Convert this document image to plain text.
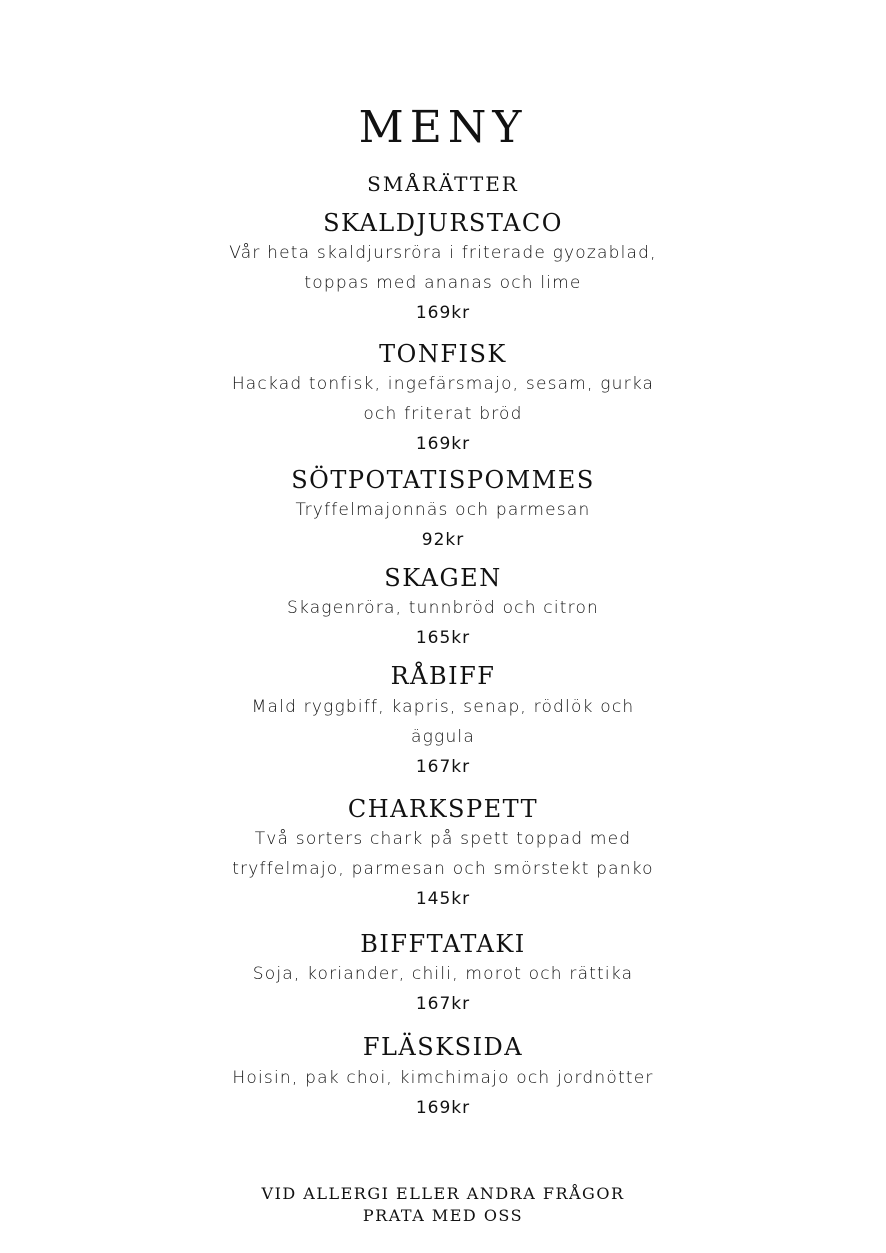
MENY
SMÅRÄTTER
SKALDJURSTACO
Vår heta skaldjursröra i friterade gyozablad,
toppas med ananas och lime
169kr
TONFISK
Hackad tonfisk, ingefärsmajo, sesam, gurka
och friterat bröd
169kr
SÖTPOTATISPOMMES
Tryffelmajonnäs och parmesan
92kr
SKAGEN
Skagenröra, tunnbröd och citron
165kr
RÅBIFF
Mald ryggbiff, kapris, senap, rödlök och
äggula
167kr
CHARKSPETT
Två sorters chark på spett toppad med
tryffelmajo, parmesan och smörstekt panko
145kr
BIFFTATAKI
Soja, koriander, chili, morot och rättika
167kr
FLÄSKSIDA
Hoisin, pak choi, kimchimajo och jordnötter
169kr
VID ALLERGI ELLER ANDRA FRÅGOR
PRATA MED OSS
